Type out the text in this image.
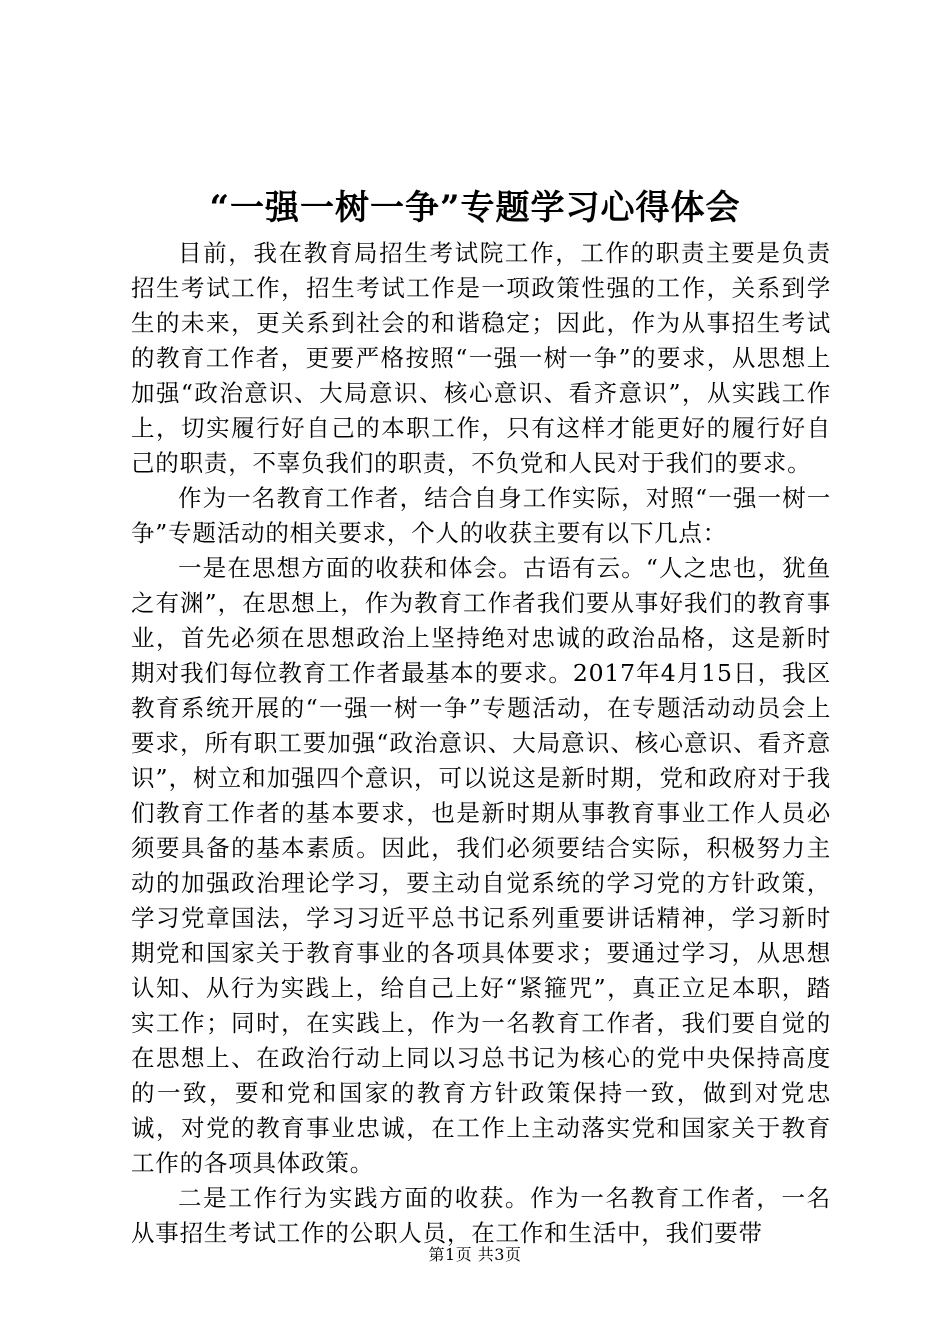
“一强一树一争”专题学习心得体会

目前，我在教育局招生考试院工作，工作的职责主要是负责招生考试工作，招生考试工作是一项政策性强的工作，关系到学生的未来，更关系到社会的和谐稳定；因此，作为从事招生考试的教育工作者，更要严格按照“一强一树一争”的要求，从思想上加强“政治意识、大局意识、核心意识、看齐意识”，从实践工作上，切实履行好自己的本职工作，只有这样才能更好的履行好自己的职责，不辜负我们的职责，不负党和人民对于我们的要求。

作为一名教育工作者，结合自身工作实际，对照“一强一树一争”专题活动的相关要求，个人的收获主要有以下几点：

一是在思想方面的收获和体会。古语有云。“人之忠也，犹鱼之有渊”，在思想上，作为教育工作者我们要从事好我们的教育事业，首先必须在思想政治上坚持绝对忠诚的政治品格，这是新时期对我们每位教育工作者最基本的要求。2017年4月15日，我区教育系统开展的“一强一树一争”专题活动，在专题活动动员会上要求，所有职工要加强“政治意识、大局意识、核心意识、看齐意识”，树立和加强四个意识，可以说这是新时期，党和政府对于我们教育工作者的基本要求，也是新时期从事教育事业工作人员必须要具备的基本素质。因此，我们必须要结合实际，积极努力主动的加强政治理论学习，要主动自觉系统的学习党的方针政策，学习党章国法，学习习近平总书记系列重要讲话精神，学习新时期党和国家关于教育事业的各项具体要求；要通过学习，从思想认知、从行为实践上，给自己上好“紧箍咒”，真正立足本职，踏实工作；同时，在实践上，作为一名教育工作者，我们要自觉的在思想上、在政治行动上同以习总书记为核心的党中央保持高度的一致，要和党和国家的教育方针政策保持一致，做到对党忠诚，对党的教育事业忠诚，在工作上主动落实党和国家关于教育工作的各项具体政策。

二是工作行为实践方面的收获。作为一名教育工作者，一名从事招生考试工作的公职人员，在工作和生活中，我们要带

第1页 共3页
